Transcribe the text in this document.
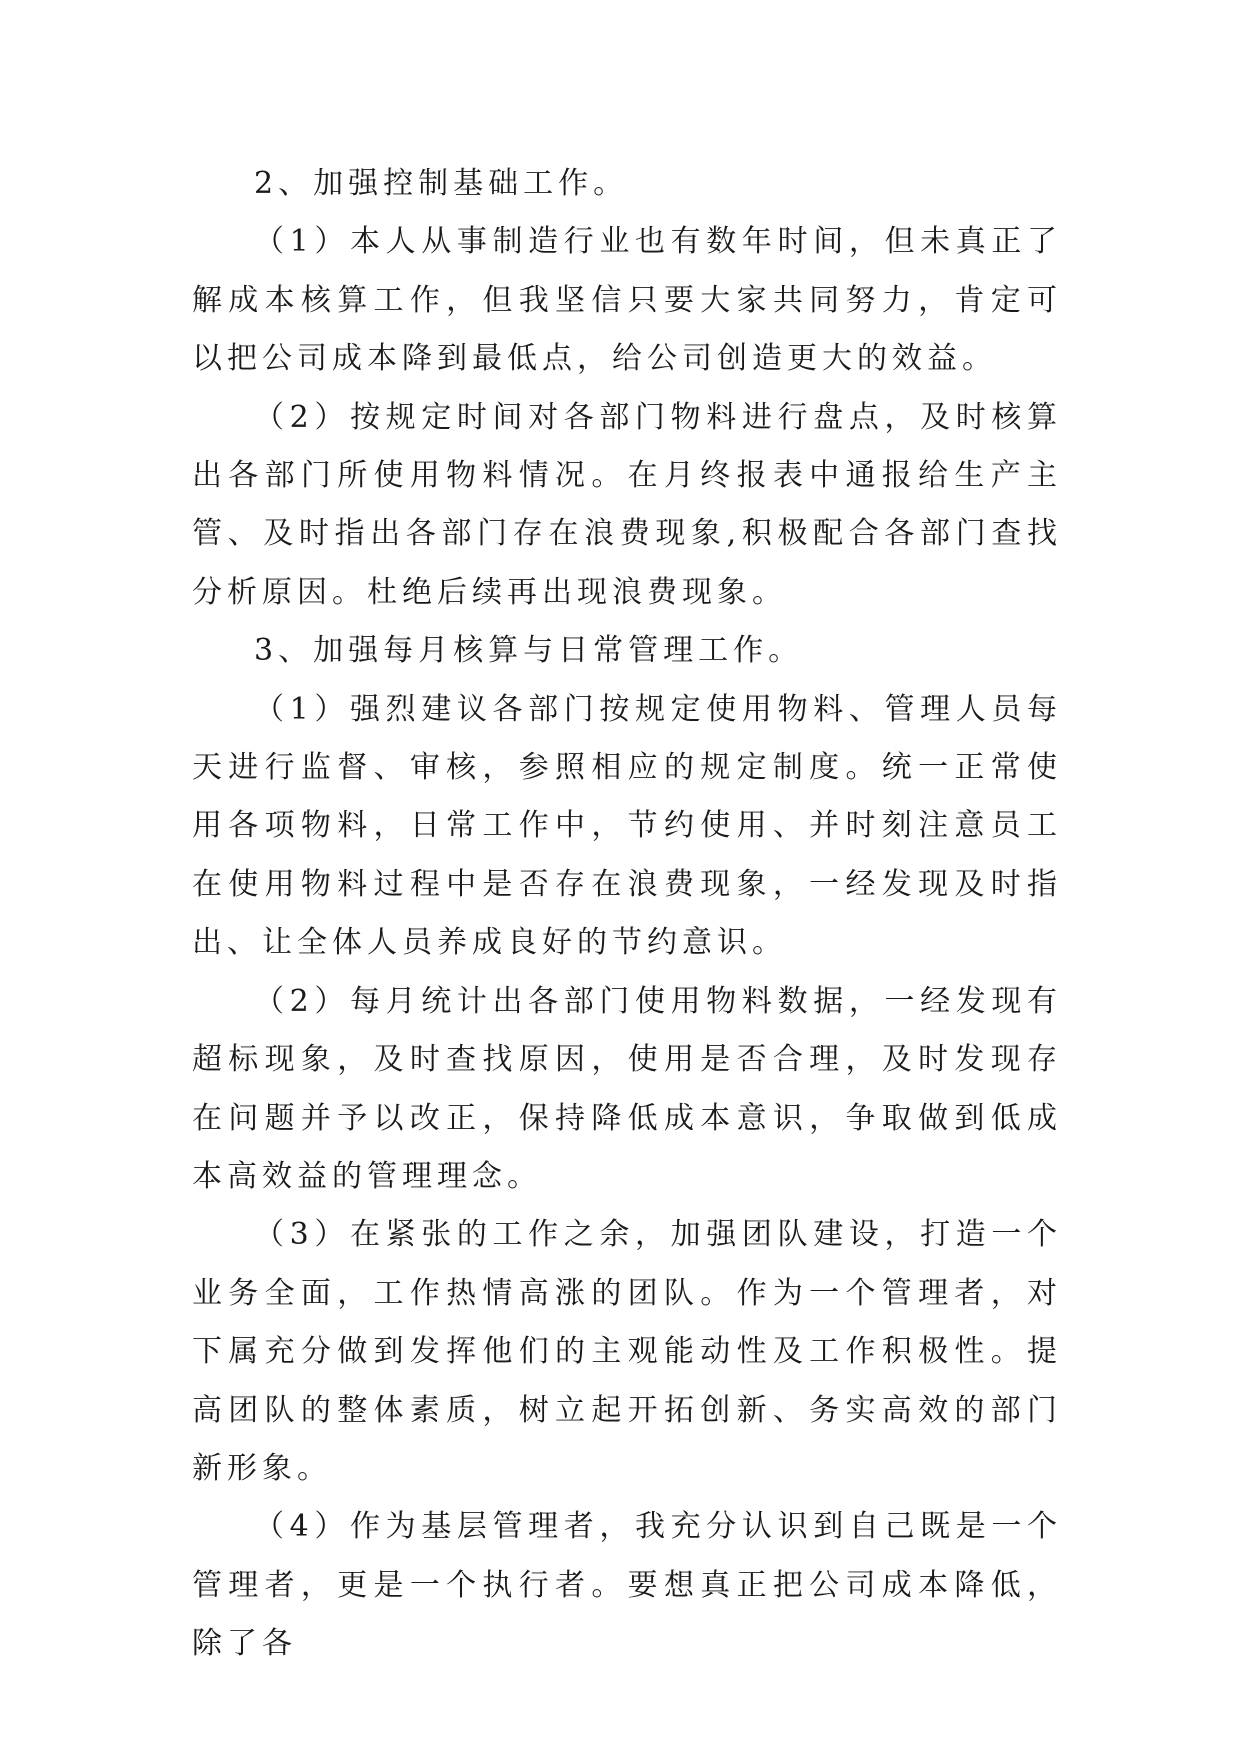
2、加强控制基础工作。

（1）本人从事制造行业也有数年时间，但未真正了解成本核算工作，但我坚信只要大家共同努力，肯定可以把公司成本降到最低点，给公司创造更大的效益。

（2）按规定时间对各部门物料进行盘点，及时核算出各部门所使用物料情况。在月终报表中通报给生产主管、及时指出各部门存在浪费现象,积极配合各部门查找分析原因。杜绝后续再出现浪费现象。

3、加强每月核算与日常管理工作。

（1）强烈建议各部门按规定使用物料、管理人员每天进行监督、审核，参照相应的规定制度。统一正常使用各项物料，日常工作中，节约使用、并时刻注意员工在使用物料过程中是否存在浪费现象，一经发现及时指出、让全体人员养成良好的节约意识。

（2）每月统计出各部门使用物料数据，一经发现有超标现象，及时查找原因，使用是否合理，及时发现存在问题并予以改正，保持降低成本意识，争取做到低成本高效益的管理理念。

（3）在紧张的工作之余，加强团队建设，打造一个业务全面，工作热情高涨的团队。作为一个管理者，对下属充分做到发挥他们的主观能动性及工作积极性。提高团队的整体素质，树立起开拓创新、务实高效的部门新形象。

（4）作为基层管理者，我充分认识到自己既是一个管理者，更是一个执行者。要想真正把公司成本降低，除了各
